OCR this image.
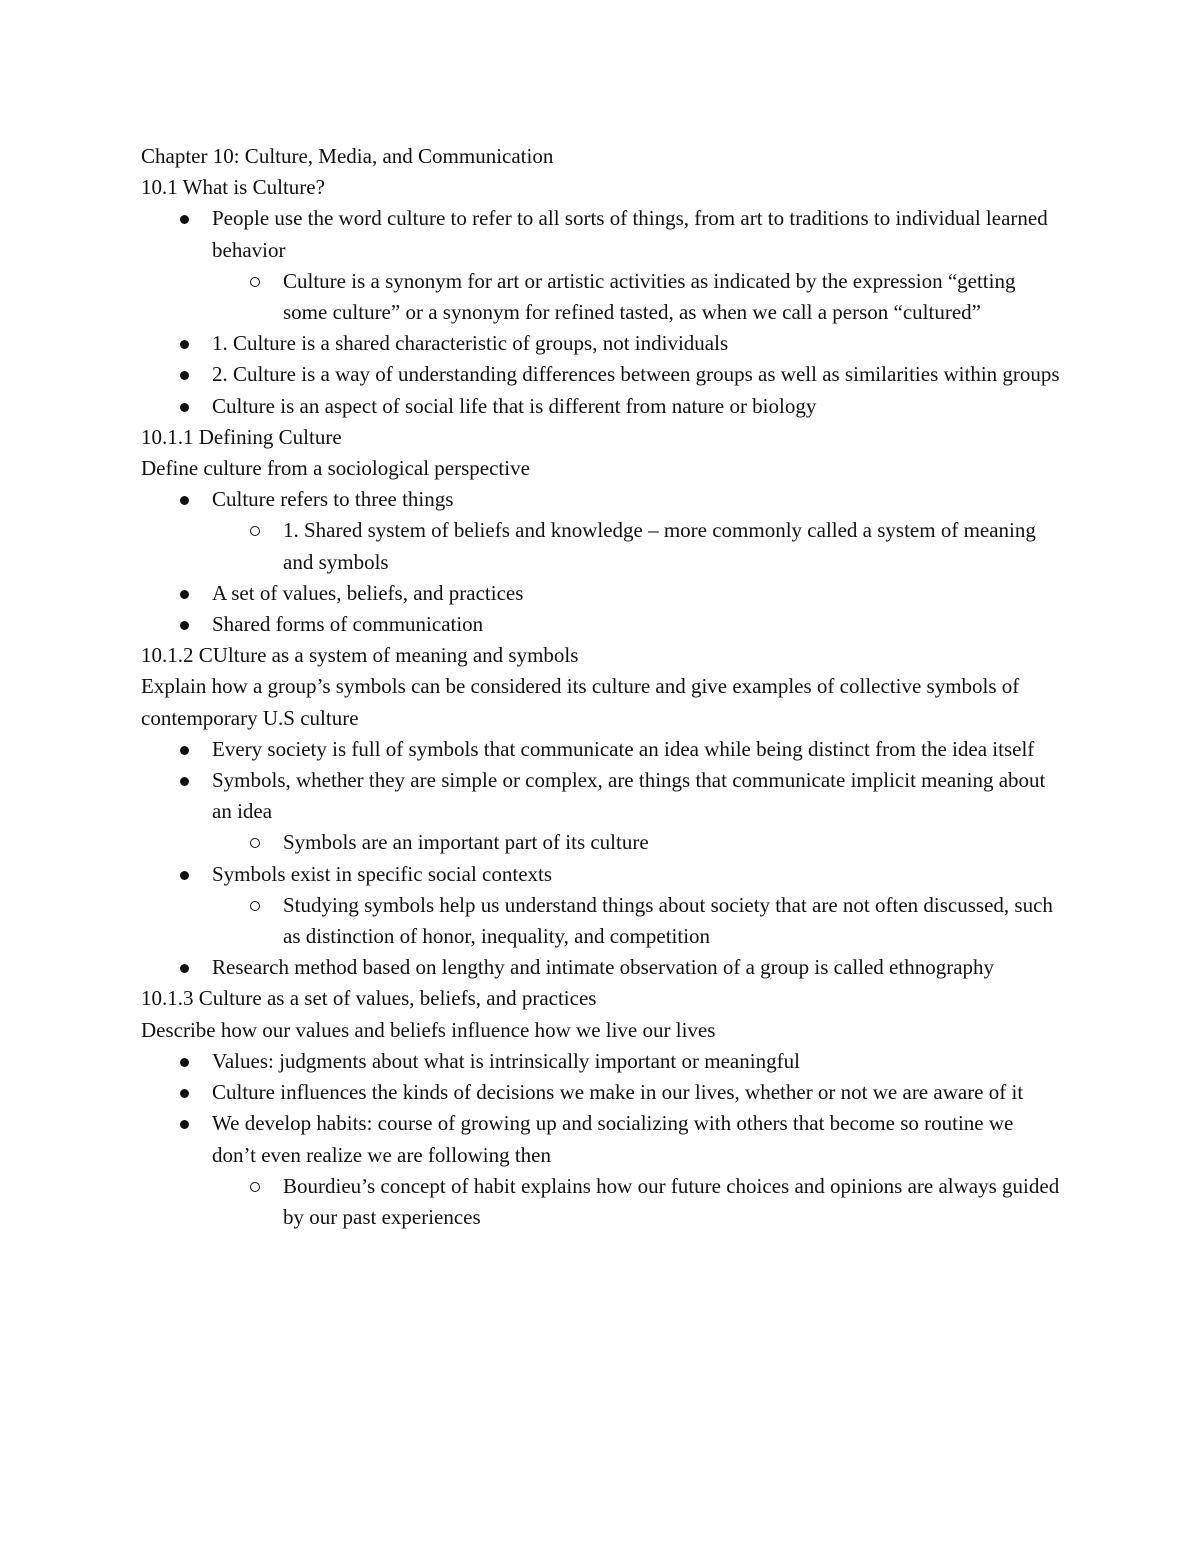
Chapter 10: Culture, Media, and Communication

10.1 What is Culture?

People use the word culture to refer to all sorts of things, from art to traditions to individual learned behavior
Culture is a synonym for art or artistic activities as indicated by the expression “getting some culture” or a synonym for refined tasted, as when we call a person “cultured”
1. Culture is a shared characteristic of groups, not individuals
2. Culture is a way of understanding differences between groups as well as similarities within groups
Culture is an aspect of social life that is different from nature or biology

10.1.1 Defining Culture

Define culture from a sociological perspective

Culture refers to three things
1. Shared system of beliefs and knowledge – more commonly called a system of meaning and symbols
A set of values, beliefs, and practices
Shared forms of communication

10.1.2 CUlture as a system of meaning and symbols

Explain how a group’s symbols can be considered its culture and give examples of collective symbols of contemporary U.S culture

Every society is full of symbols that communicate an idea while being distinct from the idea itself
Symbols, whether they are simple or complex, are things that communicate implicit meaning about an idea
Symbols are an important part of its culture
Symbols exist in specific social contexts
Studying symbols help us understand things about society that are not often discussed, such as distinction of honor, inequality, and competition
Research method based on lengthy and intimate observation of a group is called ethnography

10.1.3 Culture as a set of values, beliefs, and practices

Describe how our values and beliefs influence how we live our lives

Values: judgments about what is intrinsically important or meaningful
Culture influences the kinds of decisions we make in our lives, whether or not we are aware of it
We develop habits: course of growing up and socializing with others that become so routine we don’t even realize we are following then
Bourdieu’s concept of habit explains how our future choices and opinions are always guided by our past experiences
